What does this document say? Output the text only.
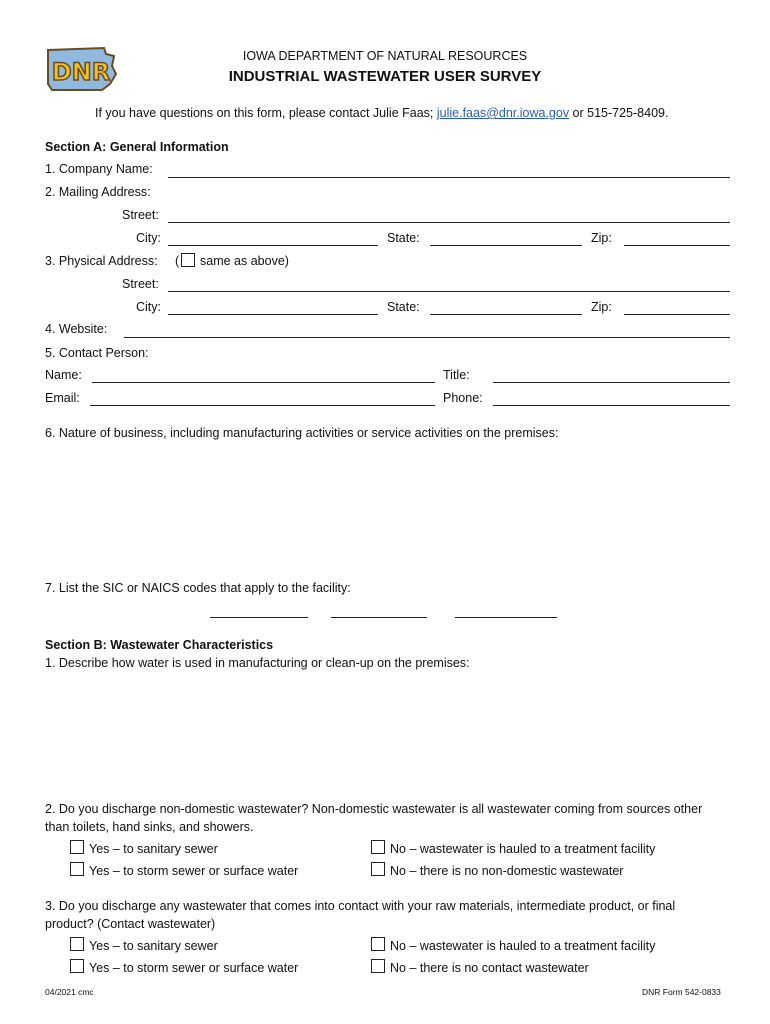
DNR
IOWA DEPARTMENT OF NATURAL RESOURCES
INDUSTRIAL WASTEWATER USER SURVEY
If you have questions on this form, please contact Julie Faas; julie.faas@dnr.iowa.gov or 515-725-8409.
Section A: General Information
1. Company Name:
2. Mailing Address:
Street:
City:	State:	Zip:
3. Physical Address: ( same as above)
Street:
City:	State:	Zip:
4. Website:
5. Contact Person:
Name:	Title:
Email:	Phone:
6. Nature of business, including manufacturing activities or service activities on the premises:
7. List the SIC or NAICS codes that apply to the facility:
Section B: Wastewater Characteristics
1. Describe how water is used in manufacturing or clean-up on the premises:
2. Do you discharge non-domestic wastewater? Non-domestic wastewater is all wastewater coming from sources other
than toilets, hand sinks, and showers.
Yes – to sanitary sewer	No – wastewater is hauled to a treatment facility
Yes – to storm sewer or surface water	No – there is no non-domestic wastewater
3. Do you discharge any wastewater that comes into contact with your raw materials, intermediate product, or final
product? (Contact wastewater)
Yes – to sanitary sewer	No – wastewater is hauled to a treatment facility
Yes – to storm sewer or surface water	No – there is no contact wastewater
04/2021 cmc	DNR Form 542-0833
